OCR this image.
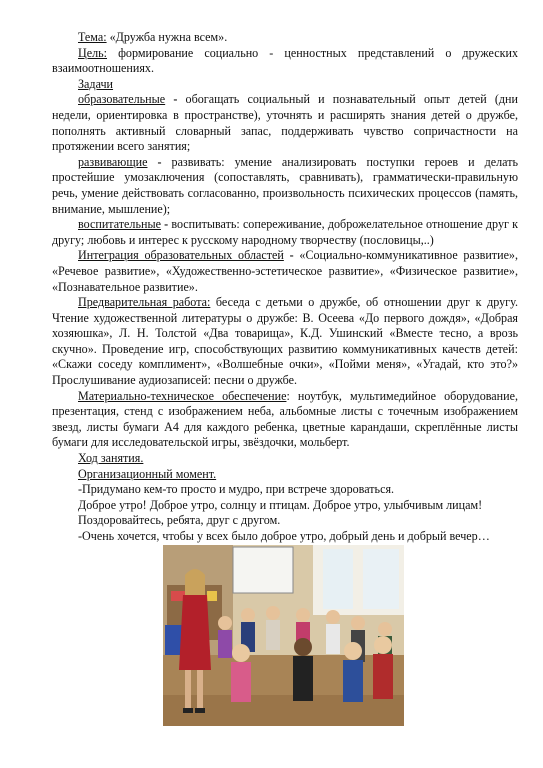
Тема: «Дружба нужна всем».

Цель: формирование социально - ценностных представлений о дружеских взаимоотношениях.

Задачи

образовательные - обогащать социальный и познавательный опыт детей (дни недели, ориентировка в пространстве), уточнять и расширять знания детей о дружбе, пополнять активный словарный запас, поддерживать чувство сопричастности на протяжении всего занятия;

развивающие - развивать: умение анализировать поступки героев и делать простейшие умозаключения (сопоставлять, сравнивать), грамматически-правильную речь, умение действовать согласованно, произвольность психических процессов (память, внимание, мышление);

воспитательные - воспитывать: сопереживание, доброжелательное отношение друг к другу; любовь и интерес к русскому народному творчеству (пословицы,..)

Интеграция образовательных областей - «Социально-коммуникативное развитие», «Речевое развитие», «Художественно-эстетическое развитие», «Физическое развитие», «Познавательное развитие».

Предварительная работа: беседа с детьми о дружбе, об отношении друг к другу. Чтение художественной литературы о дружбе: В. Осеева «До первого дождя», «Добрая хозяюшка», Л. Н. Толстой «Два товарища», К.Д. Ушинский «Вместе тесно, а врозь скучно». Проведение игр, способствующих развитию коммуникативных качеств детей: «Скажи соседу комплимент», «Волшебные очки», «Пойми меня», «Угадай, кто это?» Прослушивание аудиозаписей: песни о дружбе.

Материально-техническое обеспечение: ноутбук, мультимедийное оборудование, презентация, стенд с изображением неба, альбомные листы с точечным изображением звезд, листы бумаги А4 для каждого ребенка, цветные карандаши, скреплённые листы бумаги для исследовательской игры, звёздочки, мольберт.

Ход занятия.

Организационный момент.

-Придумано кем-то просто и мудро, при встрече здороваться.

Доброе утро! Доброе утро, солнцу и птицам. Доброе утро, улыбчивым лицам!

Поздоровайтесь, ребята, друг с другом.

-Очень хочется, чтобы у всех было доброе утро, добрый день и добрый вечер…
